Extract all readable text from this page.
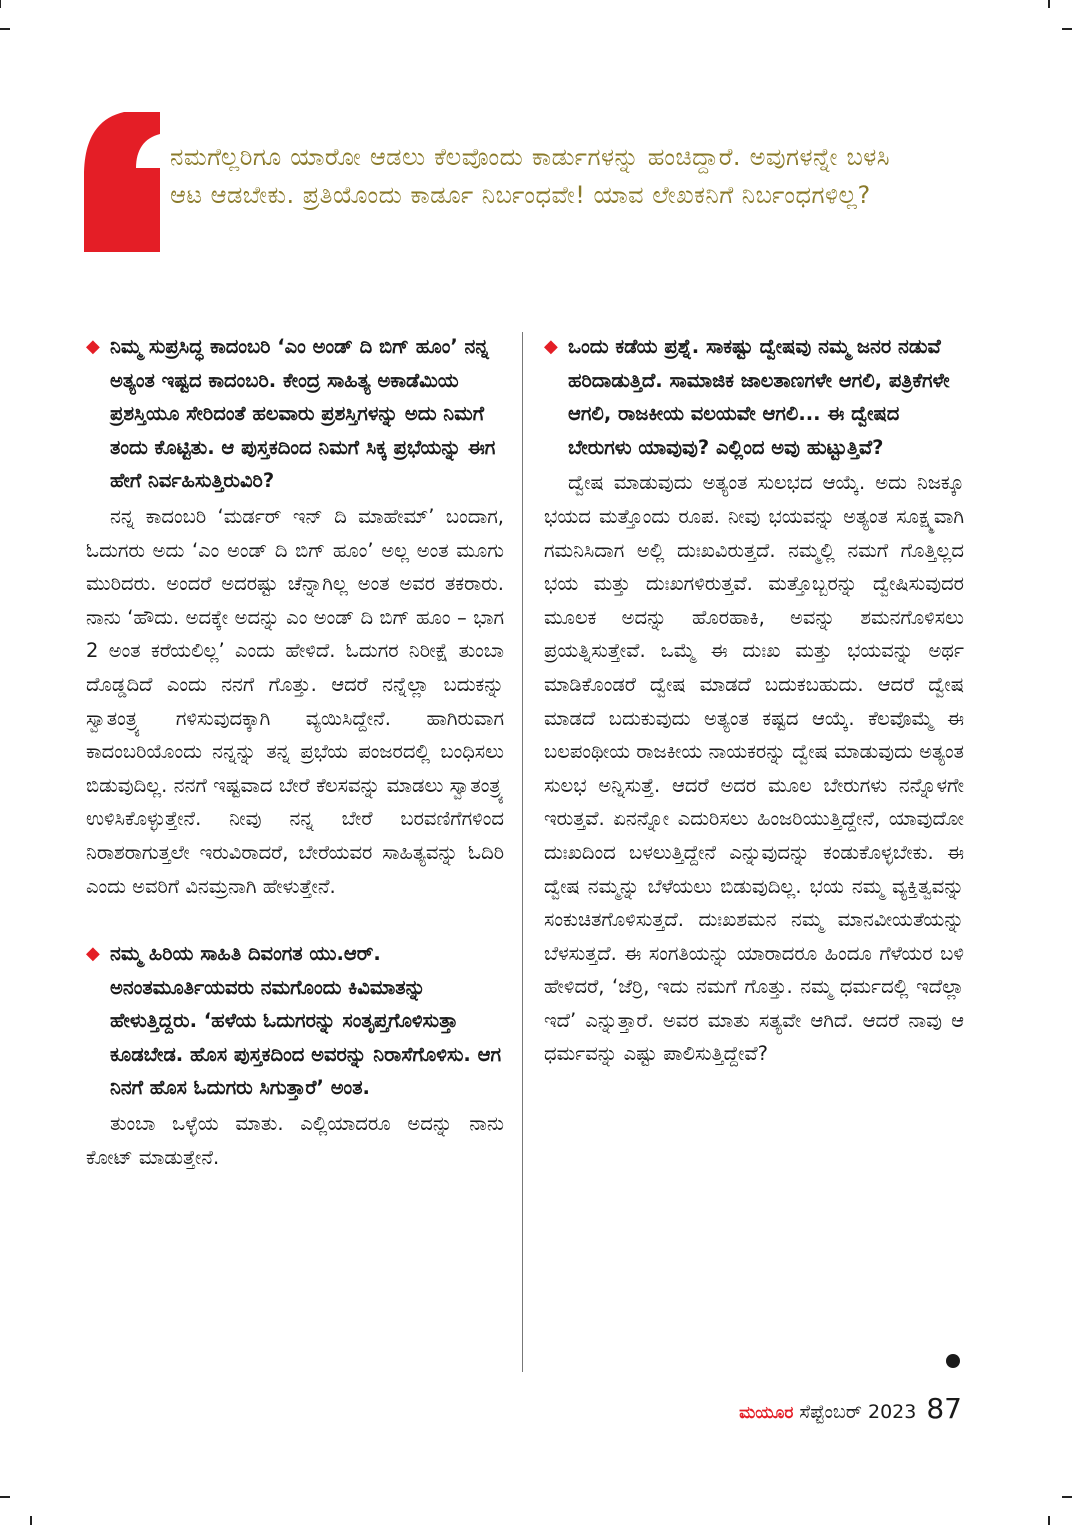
ನಮಗೆಲ್ಲರಿಗೂ ಯಾರೋ ಆಡಲು ಕೆಲವೊಂದು ಕಾರ್ಡುಗಳನ್ನು ಹಂಚಿದ್ದಾರೆ. ಅವುಗಳನ್ನೇ ಬಳಸಿ ಆಟ ಆಡಬೇಕು. ಪ್ರತಿಯೊಂದು ಕಾರ್ಡೂ ನಿರ್ಬಂಧವೇ! ಯಾವ ಲೇಖಕನಿಗೆ ನಿರ್ಬಂಧಗಳಿಲ್ಲ?
◆ ನಿಮ್ಮ ಸುಪ್ರಸಿದ್ಧ ಕಾದಂಬರಿ ‘ಎಂ ಅಂಡ್ ದಿ ಬಿಗ್ ಹೂಂ’ ನನ್ನ ಅತ್ಯಂತ ಇಷ್ಟದ ಕಾದಂಬರಿ. ಕೇಂದ್ರ ಸಾಹಿತ್ಯ ಅಕಾಡೆಮಿಯ ಪ್ರಶಸ್ತಿಯೂ ಸೇರಿದಂತೆ ಹಲವಾರು ಪ್ರಶಸ್ತಿಗಳನ್ನು ಅದು ನಿಮಗೆ ತಂದು ಕೊಟ್ಟಿತು. ಆ ಪುಸ್ತಕದಿಂದ ನಿಮಗೆ ಸಿಕ್ಕ ಪ್ರಭೆಯನ್ನು ಈಗ ಹೇಗೆ ನಿರ್ವಹಿಸುತ್ತಿರುವಿರಿ?

ನನ್ನ ಕಾದಂಬರಿ ‘ಮರ್ಡರ್ ಇನ್ ದಿ ಮಾಹೇಮ್’ ಬಂದಾಗ, ಓದುಗರು ಅದು ‘ಎಂ ಅಂಡ್ ದಿ ಬಿಗ್ ಹೂಂ’ ಅಲ್ಲ ಅಂತ ಮೂಗು ಮುರಿದರು. ಅಂದರೆ ಅದರಷ್ಟು ಚೆನ್ನಾಗಿಲ್ಲ ಅಂತ ಅವರ ತಕರಾರು. ನಾನು ‘ಹೌದು. ಅದಕ್ಕೇ ಅದನ್ನು ಎಂ ಅಂಡ್ ದಿ ಬಿಗ್ ಹೂಂ – ಭಾಗ 2 ಅಂತ ಕರೆಯಲಿಲ್ಲ’ ಎಂದು ಹೇಳಿದೆ. ಓದುಗರ ನಿರೀಕ್ಷೆ ತುಂಬಾ ದೊಡ್ಡದಿದೆ ಎಂದು ನನಗೆ ಗೊತ್ತು. ಆದರೆ ನನ್ನೆಲ್ಲಾ ಬದುಕನ್ನು ಸ್ವಾತಂತ್ರ್ಯ ಗಳಿಸುವುದಕ್ಕಾಗಿ ವ್ಯಯಿಸಿದ್ದೇನೆ. ಹಾಗಿರುವಾಗ ಕಾದಂಬರಿಯೊಂದು ನನ್ನನ್ನು ತನ್ನ ಪ್ರಭೆಯ ಪಂಜರದಲ್ಲಿ ಬಂಧಿಸಲು ಬಿಡುವುದಿಲ್ಲ. ನನಗೆ ಇಷ್ಟವಾದ ಬೇರೆ ಕೆಲಸವನ್ನು ಮಾಡಲು ಸ್ವಾತಂತ್ರ್ಯ ಉಳಿಸಿಕೊಳ್ಳುತ್ತೇನೆ. ನೀವು ನನ್ನ ಬೇರೆ ಬರವಣಿಗೆಗಳಿಂದ ನಿರಾಶರಾಗುತ್ತಲೇ ಇರುವಿರಾದರೆ, ಬೇರೆಯವರ ಸಾಹಿತ್ಯವನ್ನು ಓದಿರಿ ಎಂದು ಅವರಿಗೆ ವಿನಮ್ರನಾಗಿ ಹೇಳುತ್ತೇನೆ.

◆ ನಮ್ಮ ಹಿರಿಯ ಸಾಹಿತಿ ದಿವಂಗತ ಯು.ಆರ್. ಅನಂತಮೂರ್ತಿಯವರು ನಮಗೊಂದು ಕಿವಿಮಾತನ್ನು ಹೇಳುತ್ತಿದ್ದರು. ‘ಹಳೆಯ ಓದುಗರನ್ನು ಸಂತೃಪ್ತಗೊಳಿಸುತ್ತಾ ಕೂಡಬೇಡ. ಹೊಸ ಪುಸ್ತಕದಿಂದ ಅವರನ್ನು ನಿರಾಸೆಗೊಳಿಸು. ಆಗ ನಿನಗೆ ಹೊಸ ಓದುಗರು ಸಿಗುತ್ತಾರೆ’ ಅಂತ.

ತುಂಬಾ ಒಳ್ಳೆಯ ಮಾತು. ಎಲ್ಲಿಯಾದರೂ ಅದನ್ನು ನಾನು ಕೋಟ್ ಮಾಡುತ್ತೇನೆ.

◆ ಒಂದು ಕಡೆಯ ಪ್ರಶ್ನೆ. ಸಾಕಷ್ಟು ದ್ವೇಷವು ನಮ್ಮ ಜನರ ನಡುವೆ ಹರಿದಾಡುತ್ತಿದೆ. ಸಾಮಾಜಿಕ ಜಾಲತಾಣಗಳೇ ಆಗಲಿ, ಪತ್ರಿಕೆಗಳೇ ಆಗಲಿ, ರಾಜಕೀಯ ವಲಯವೇ ಆಗಲಿ... ಈ ದ್ವೇಷದ ಬೇರುಗಳು ಯಾವುವು? ಎಲ್ಲಿಂದ ಅವು ಹುಟ್ಟುತ್ತಿವೆ?

ದ್ವೇಷ ಮಾಡುವುದು ಅತ್ಯಂತ ಸುಲಭದ ಆಯ್ಕೆ. ಅದು ನಿಜಕ್ಕೂ ಭಯದ ಮತ್ತೊಂದು ರೂಪ. ನೀವು ಭಯವನ್ನು ಅತ್ಯಂತ ಸೂಕ್ಷ್ಮವಾಗಿ ಗಮನಿಸಿದಾಗ ಅಲ್ಲಿ ದುಃಖವಿರುತ್ತದೆ. ನಮ್ಮಲ್ಲಿ ನಮಗೆ ಗೊತ್ತಿಲ್ಲದ ಭಯ ಮತ್ತು ದುಃಖಗಳಿರುತ್ತವೆ. ಮತ್ತೊಬ್ಬರನ್ನು ದ್ವೇಷಿಸುವುದರ ಮೂಲಕ ಅದನ್ನು ಹೊರಹಾಕಿ, ಅವನ್ನು ಶಮನಗೊಳಿಸಲು ಪ್ರಯತ್ನಿಸುತ್ತೇವೆ. ಒಮ್ಮೆ ಈ ದುಃಖ ಮತ್ತು ಭಯವನ್ನು ಅರ್ಥ ಮಾಡಿಕೊಂಡರೆ ದ್ವೇಷ ಮಾಡದೆ ಬದುಕಬಹುದು. ಆದರೆ ದ್ವೇಷ ಮಾಡದೆ ಬದುಕುವುದು ಅತ್ಯಂತ ಕಷ್ಟದ ಆಯ್ಕೆ. ಕೆಲವೊಮ್ಮೆ ಈ ಬಲಪಂಥೀಯ ರಾಜಕೀಯ ನಾಯಕರನ್ನು ದ್ವೇಷ ಮಾಡುವುದು ಅತ್ಯಂತ ಸುಲಭ ಅನ್ನಿಸುತ್ತೆ. ಆದರೆ ಅದರ ಮೂಲ ಬೇರುಗಳು ನನ್ನೊಳಗೇ ಇರುತ್ತವೆ. ಏನನ್ನೋ ಎದುರಿಸಲು ಹಿಂಜರಿಯುತ್ತಿದ್ದೇನೆ, ಯಾವುದೋ ದುಃಖದಿಂದ ಬಳಲುತ್ತಿದ್ದೇನೆ ಎನ್ನುವುದನ್ನು ಕಂಡುಕೊಳ್ಳಬೇಕು. ಈ ದ್ವೇಷ ನಮ್ಮನ್ನು ಬೆಳೆಯಲು ಬಿಡುವುದಿಲ್ಲ. ಭಯ ನಮ್ಮ ವ್ಯಕ್ತಿತ್ವವನ್ನು ಸಂಕುಚಿತಗೊಳಿಸುತ್ತದೆ. ದುಃಖಶಮನ ನಮ್ಮ ಮಾನವೀಯತೆಯನ್ನು ಬೆಳಸುತ್ತದೆ. ಈ ಸಂಗತಿಯನ್ನು ಯಾರಾದರೂ ಹಿಂದೂ ಗೆಳೆಯರ ಬಳಿ ಹೇಳಿದರೆ, ‘ಜೆರ್ರಿ, ಇದು ನಮಗೆ ಗೊತ್ತು. ನಮ್ಮ ಧರ್ಮದಲ್ಲಿ ಇದೆಲ್ಲಾ ಇದೆ’ ಎನ್ನುತ್ತಾರೆ. ಅವರ ಮಾತು ಸತ್ಯವೇ ಆಗಿದೆ. ಆದರೆ ನಾವು ಆ ಧರ್ಮವನ್ನು ಎಷ್ಟು ಪಾಲಿಸುತ್ತಿದ್ದೇವೆ?

ಮಯೂರ ಸೆಪ್ಟೆಂಬರ್ 2023 87
